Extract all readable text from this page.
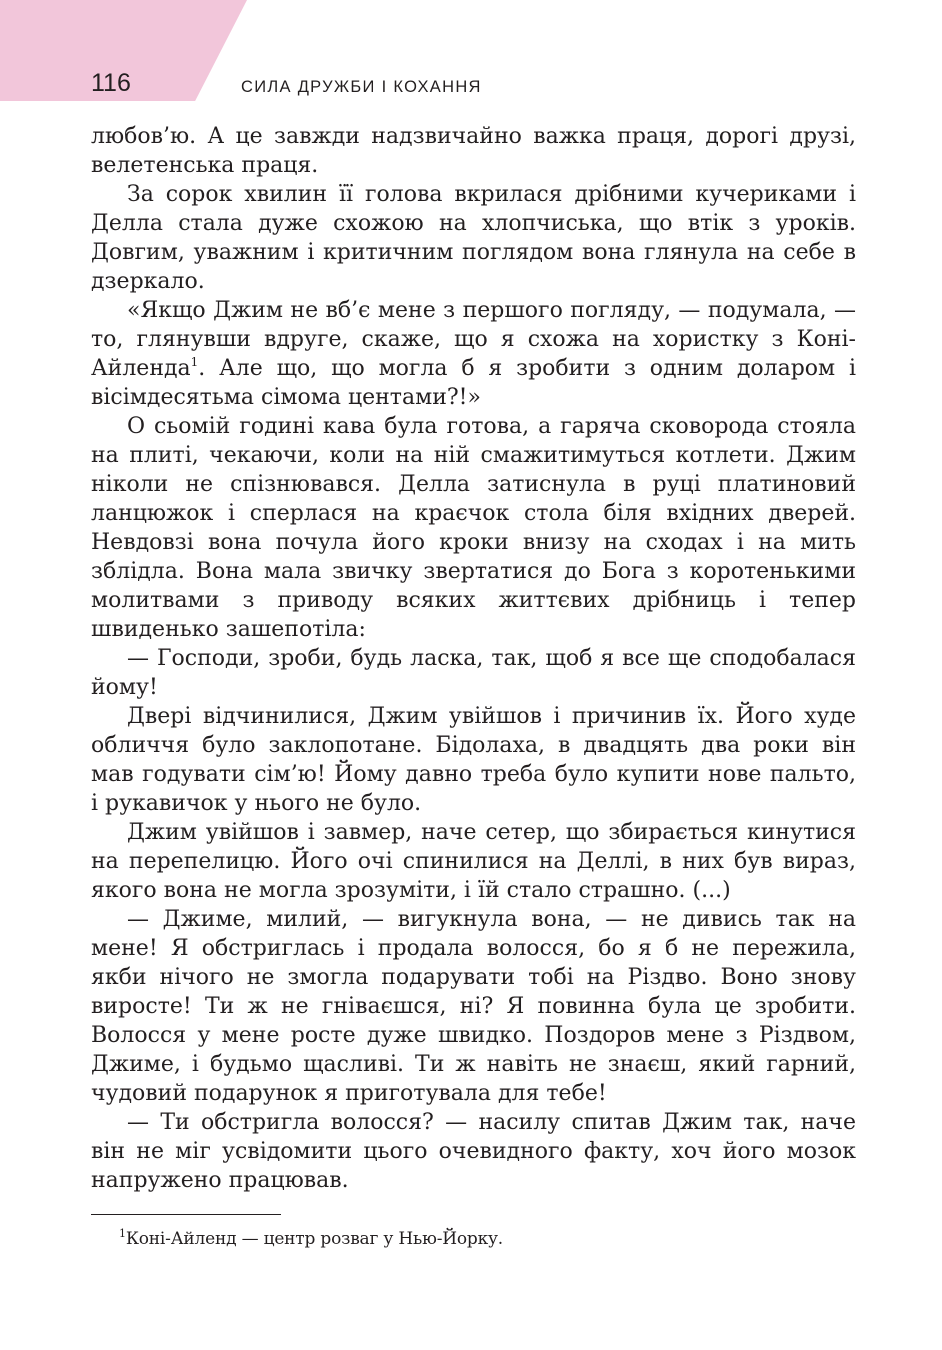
116	СИЛА ДРУЖБИ І КОХАННЯ

любов’ю. А це завжди надзвичайно важка праця, дорогі друзі, велетенська праця.

За сорок хвилин її голова вкрилася дрібними кучериками і Делла стала дуже схожою на хлопчиська, що втік з уроків. Довгим, уважним і критичним поглядом вона глянула на себе в дзеркало.

«Якщо Джим не вб’є мене з першого погляду, — подумала, — то, глянувши вдруге, скаже, що я схожа на хористку з Коні-Айленда$^1$. Але що, що могла б я зробити з одним доларом і вісімдесятьма сімома центами?!»

О сьомій годині кава була готова, а гаряча сковорода стояла на плиті, чекаючи, коли на ній смажитимуться котлети. Джим ніколи не спізнювався. Делла затиснула в руці платиновий ланцюжок і сперлася на краєчок стола біля вхідних дверей. Невдовзі вона почула його кроки внизу на сходах і на мить зблідла. Вона мала звичку звертатися до Бога з коротенькими молитвами з приводу всяких життєвих дрібниць і тепер швиденько зашепотіла:

— Господи, зроби, будь ласка, так, щоб я все ще сподобалася йому!

Двері відчинилися, Джим увійшов і причинив їх. Його худе обличчя було заклопотане. Бідолаха, в двадцять два роки він мав годувати сім’ю! Йому давно треба було купити нове пальто, і рукавичок у нього не було.

Джим увійшов і завмер, наче сетер, що збирається кинутися на перепелицю. Його очі спинилися на Деллі, в них був вираз, якого вона не могла зрозуміти, і їй стало страшно. (...)

— Джиме, милий, — вигукнула вона, — не дивись так на мене! Я обстриглась і продала волосся, бо я б не пережила, якби нічого не змогла подарувати тобі на Різдво. Воно знову виросте! Ти ж не гніваєшся, ні? Я повинна була це зробити. Волосся у мене росте дуже швидко. Поздоров мене з Різдвом, Джиме, і будьмо щасливі. Ти ж навіть не знаєш, який гарний, чудовий подарунок я приготувала для тебе!

— Ти обстригла волосся? — насилу спитав Джим так, наче він не міг усвідомити цього очевидного факту, хоч його мозок напружено працював.

$^1$Коні-Айленд — центр розваг у Нью-Йорку.
